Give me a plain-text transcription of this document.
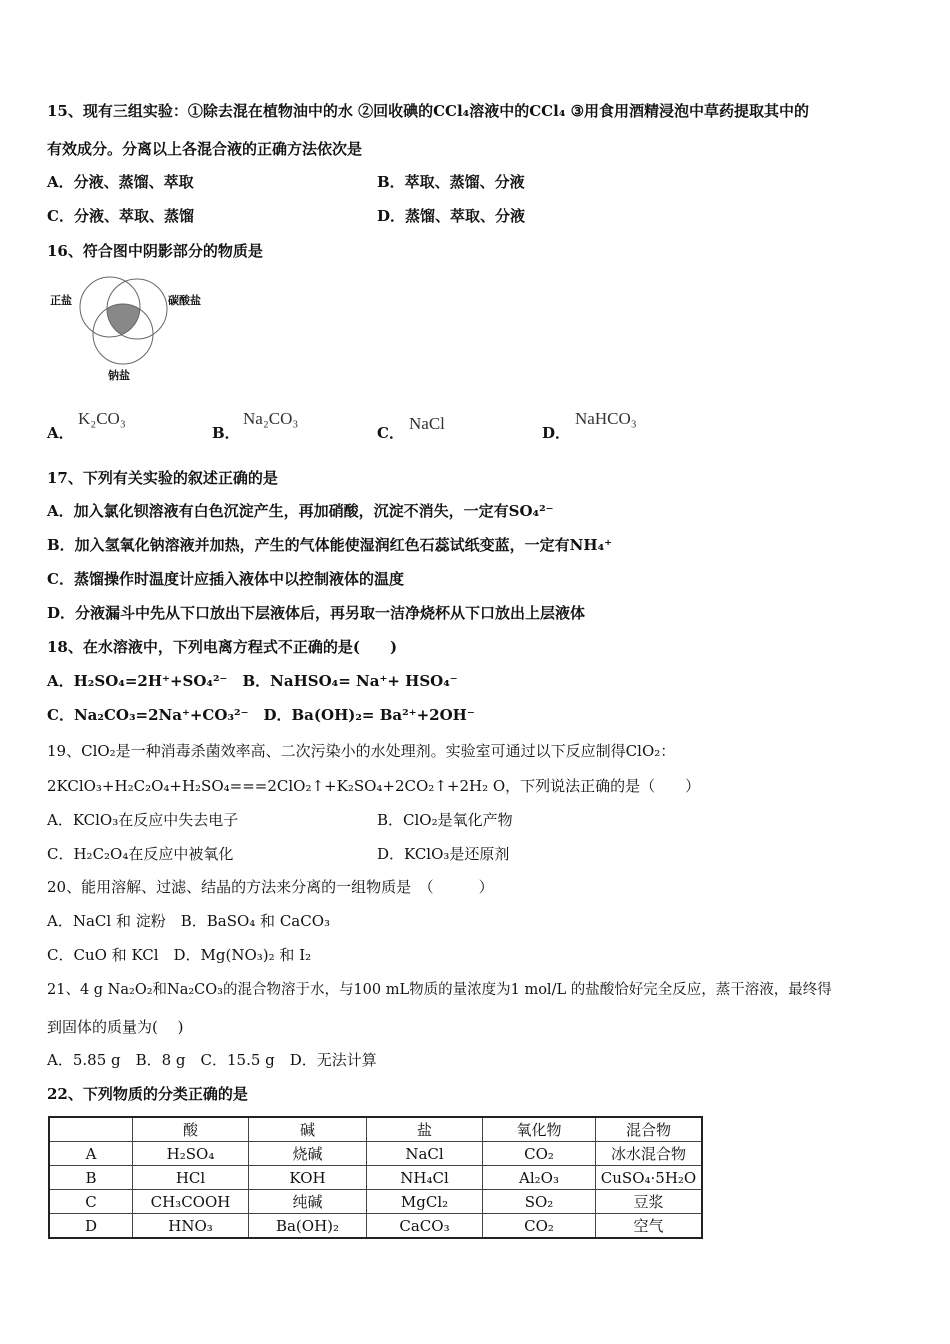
15、现有三组实验：①除去混在植物油中的水 ②回收碘的CCl₄溶液中的CCl₄ ③用食用酒精浸泡中草药提取其中的
有效成分。分离以上各混合液的正确方法依次是
A．分液、蒸馏、萃取	B．萃取、蒸馏、分液
C．分液、萃取、蒸馏	D．蒸馏、萃取、分液
16、符合图中阴影部分的物质是
正盐	碳酸盐
钠盐
A．
K₂CO₃
B．
Na₂CO₃
C． NaCl	D．
NaHCO₃
17、下列有关实验的叙述正确的是
A．加入氯化钡溶液有白色沉淀产生，再加硝酸，沉淀不消失，一定有SO₄²⁻
B．加入氢氧化钠溶液并加热，产生的气体能使湿润红色石蕊试纸变蓝，一定有NH₄⁺
C．蒸馏操作时温度计应插入液体中以控制液体的温度
D．分液漏斗中先从下口放出下层液体后，再另取一洁净烧杯从下口放出上层液体
18、在水溶液中，下列电离方程式不正确的是(　　)
A．H₂SO₄=2H⁺+SO₄²⁻　B．NaHSO₄= Na⁺+ HSO₄⁻
C．Na₂CO₃=2Na⁺+CO₃²⁻　D．Ba(OH)₂= Ba²⁺+2OH⁻
19、ClO₂是一种消毒杀菌效率高、二次污染小的水处理剂。实验室可通过以下反应制得ClO₂：
2KClO₃+H₂C₂O₄+H₂SO₄===2ClO₂↑+K₂SO₄+2CO₂↑+2H₂ O，下列说法正确的是（　　）
A．KClO₃在反应中失去电子	B．ClO₂是氧化产物
C．H₂C₂O₄在反应中被氧化	D．KClO₃是还原剂
20、能用溶解、过滤、结晶的方法来分离的一组物质是　（　　　）
A．NaCl 和 淀粉　B．BaSO₄ 和 CaCO₃
C．CuO 和 KCl　D．Mg(NO₃)₂ 和 I₂
21、4 g Na₂O₂和Na₂CO₃的混合物溶于水，与100 mL物质的量浓度为1 mol/L 的盐酸恰好完全反应，蒸干溶液，最终得
到固体的质量为(　 )
A．5.85 g　B．8 g　C．15.5 g　D．无法计算
22、下列物质的分类正确的是
	酸	碱	盐	氧化物	混合物
A	H₂SO₄	烧碱	NaCl	CO₂	冰水混合物
B	HCl	KOH	NH₄Cl	Al₂O₃	CuSO₄·5H₂O
C	CH₃COOH	纯碱	MgCl₂	SO₂	豆浆
D	HNO₃	Ba(OH)₂	CaCO₃	CO₂	空气
